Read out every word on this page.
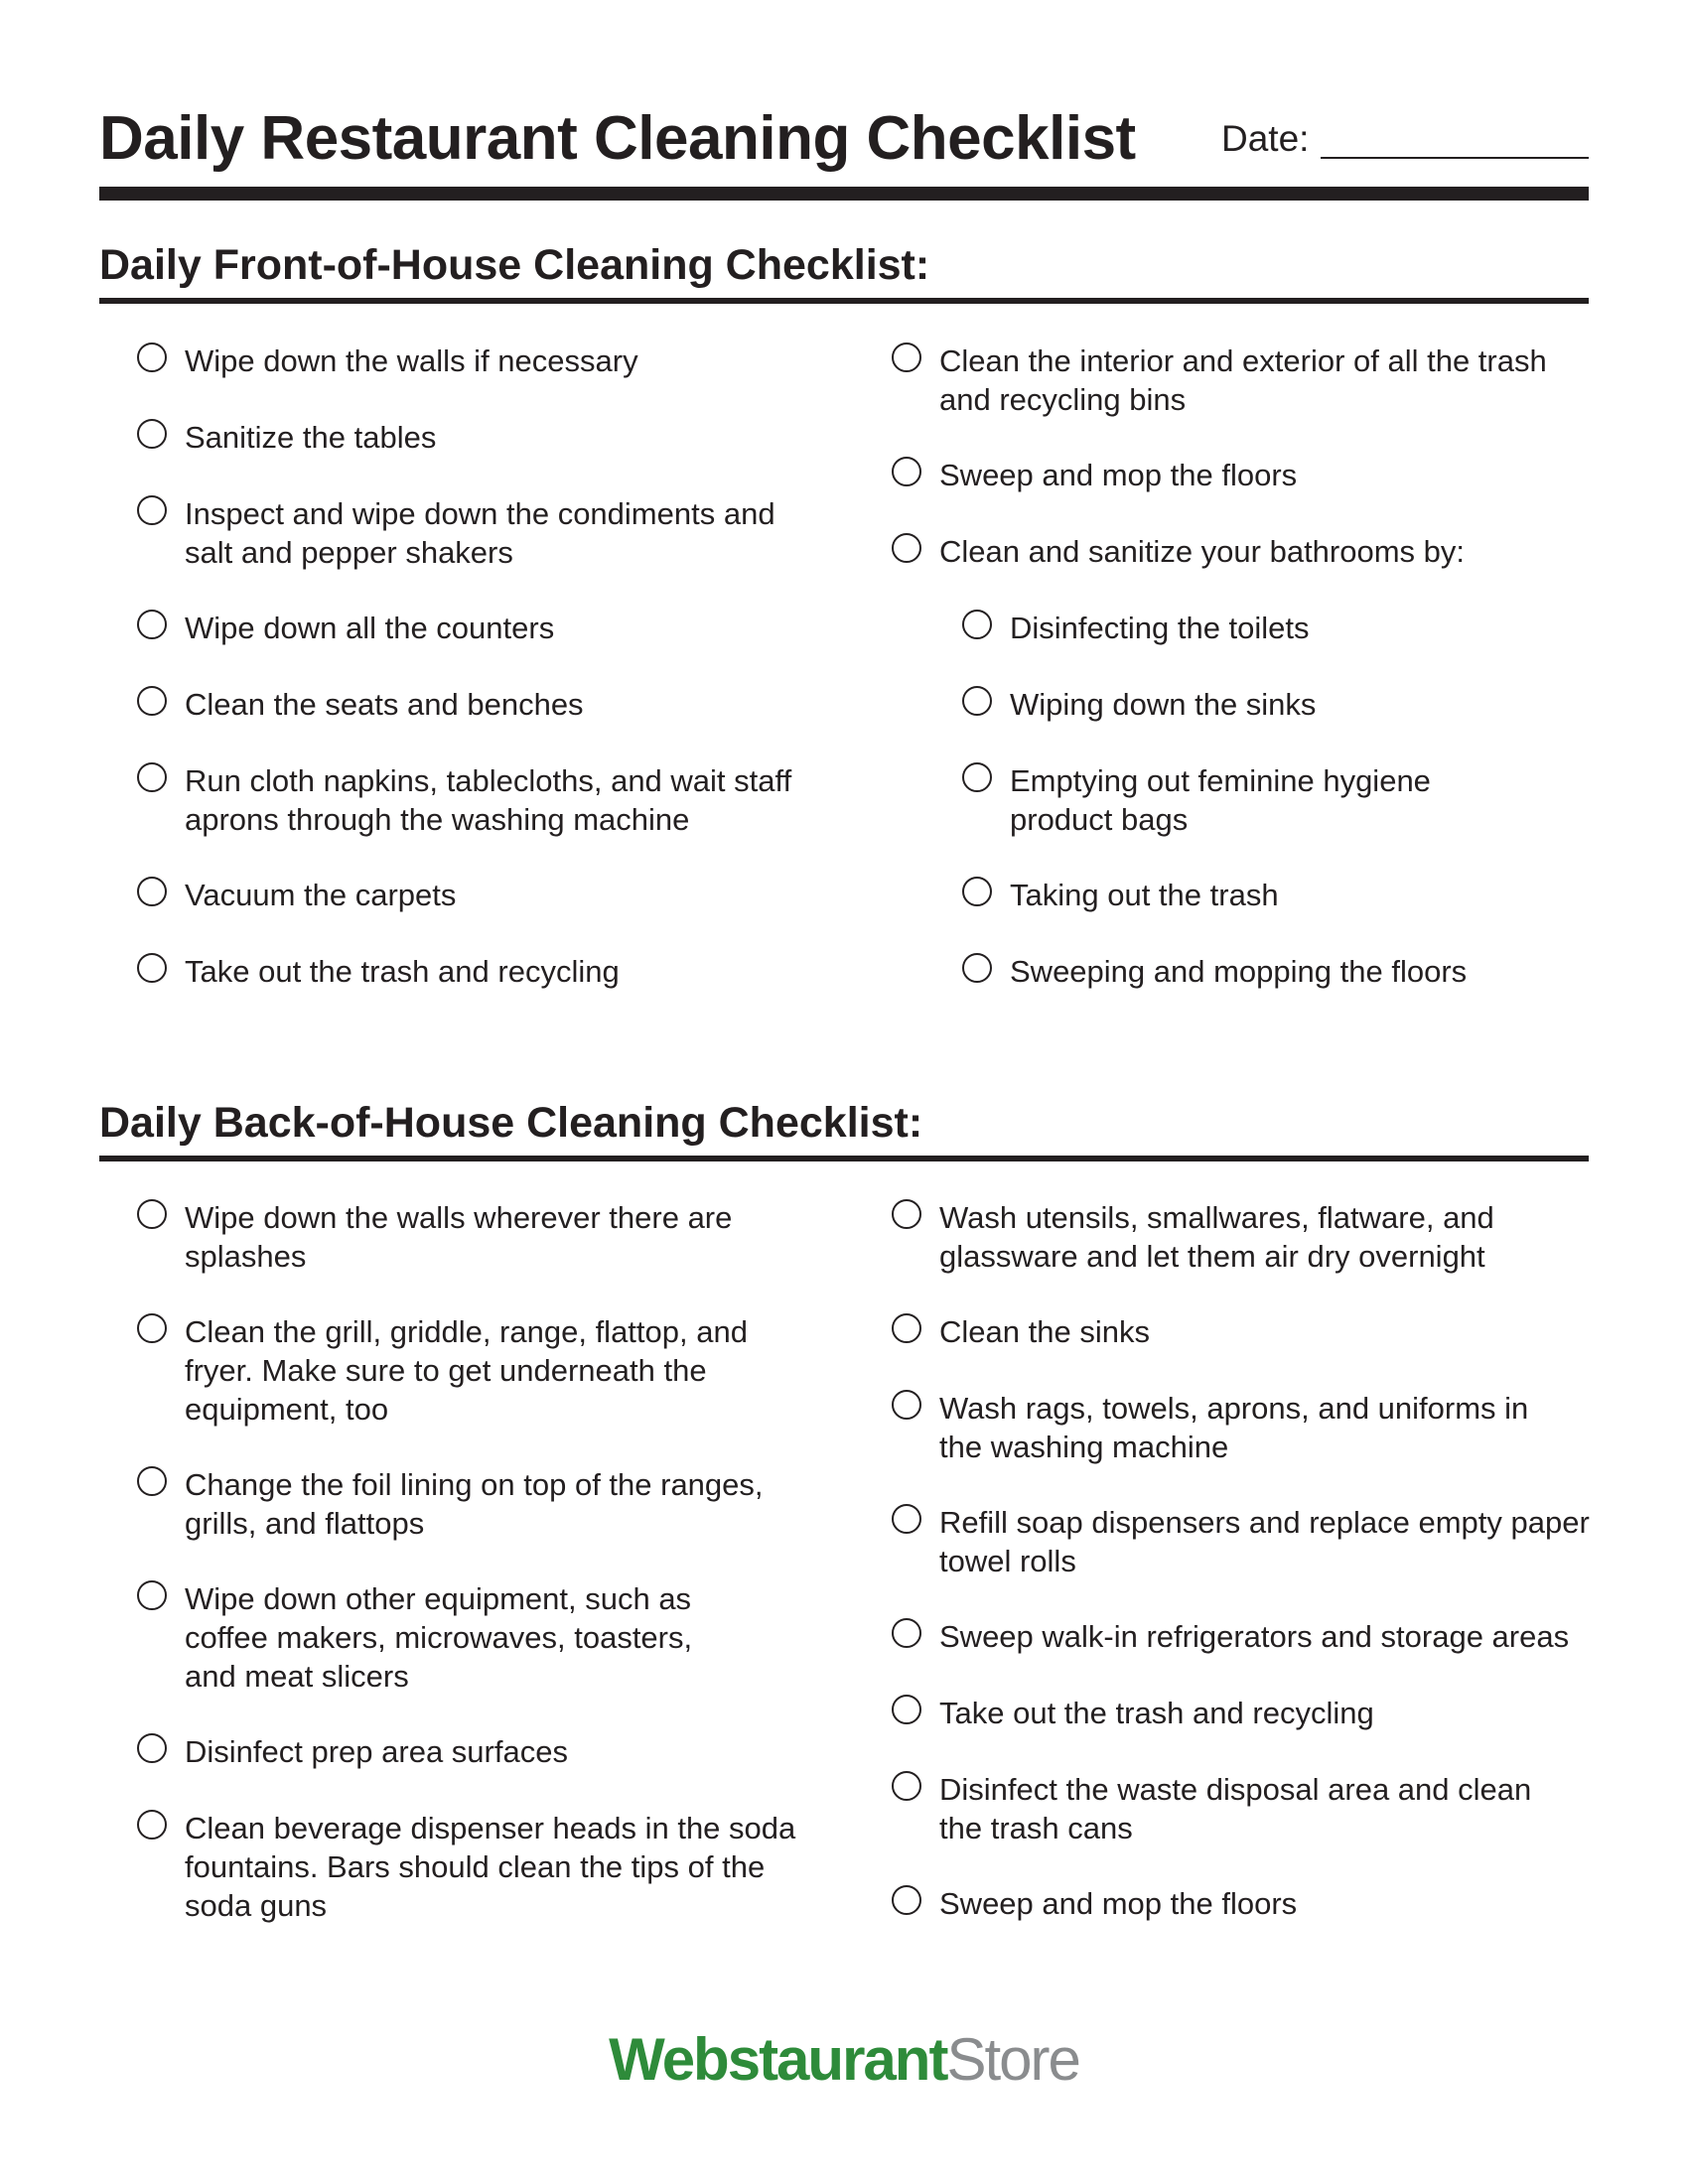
Daily Restaurant Cleaning Checklist Date:
Daily Front-of-House Cleaning Checklist:
Wipe down the walls if necessary
Sanitize the tables
Inspect and wipe down the condiments and
salt and pepper shakers
Wipe down all the counters
Clean the seats and benches
Run cloth napkins, tablecloths, and wait staff
aprons through the washing machine
Vacuum the carpets
Take out the trash and recycling
Clean the interior and exterior of all the trash
and recycling bins
Sweep and mop the floors
Clean and sanitize your bathrooms by:
Disinfecting the toilets
Wiping down the sinks
Emptying out feminine hygiene
product bags
Taking out the trash
Sweeping and mopping the floors
Daily Back-of-House Cleaning Checklist:
Wipe down the walls wherever there are
splashes
Clean the grill, griddle, range, flattop, and
fryer. Make sure to get underneath the
equipment, too
Change the foil lining on top of the ranges,
grills, and flattops
Wipe down other equipment, such as
coffee makers, microwaves, toasters,
and meat slicers
Disinfect prep area surfaces
Clean beverage dispenser heads in the soda
fountains. Bars should clean the tips of the
soda guns
Wash utensils, smallwares, flatware, and
glassware and let them air dry overnight
Clean the sinks
Wash rags, towels, aprons, and uniforms in
the washing machine
Refill soap dispensers and replace empty paper
towel rolls
Sweep walk-in refrigerators and storage areas
Take out the trash and recycling
Disinfect the waste disposal area and clean
the trash cans
Sweep and mop the floors
WebstaurantStore
